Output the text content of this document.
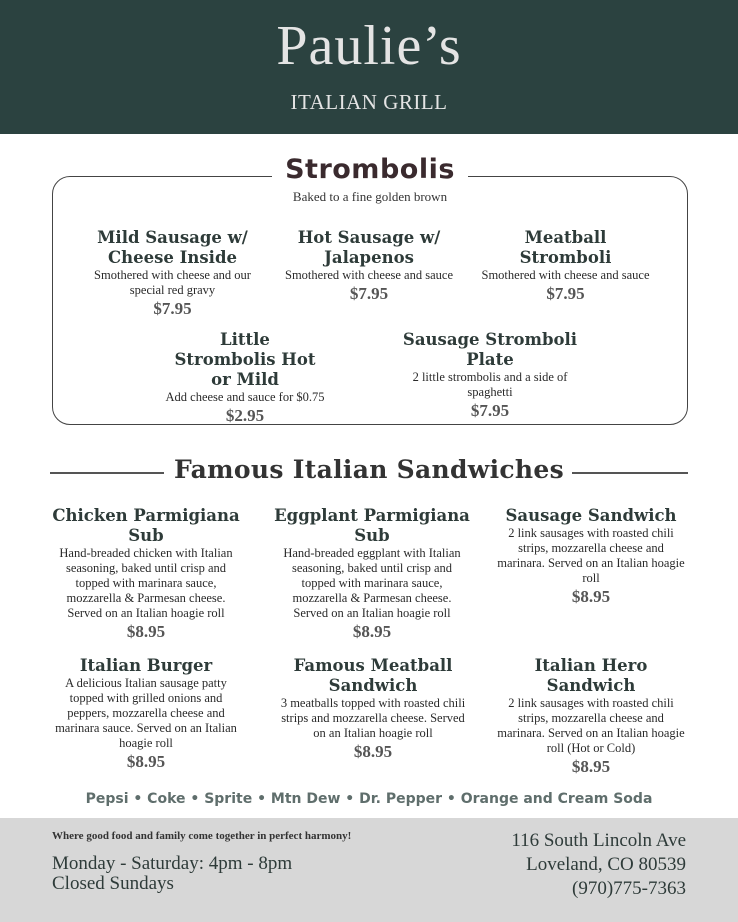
Paulie’s
ITALIAN GRILL
Strombolis
Baked to a fine golden brown
Mild Sausage w/ Cheese Inside
Smothered with cheese and our special red gravy
$7.95
Hot Sausage w/ Jalapenos
Smothered with cheese and sauce
$7.95
Meatball Stromboli
Smothered with cheese and sauce
$7.95
Little Strombolis Hot or Mild
Add cheese and sauce for $0.75
$2.95
Sausage Stromboli Plate
2 little strombolis and a side of spaghetti
$7.95
Famous Italian Sandwiches
Chicken Parmigiana Sub
Hand-breaded chicken with Italian seasoning, baked until crisp and topped with marinara sauce, mozzarella & Parmesan cheese. Served on an Italian hoagie roll
$8.95
Eggplant Parmigiana Sub
Hand-breaded eggplant with Italian seasoning, baked until crisp and topped with marinara sauce, mozzarella & Parmesan cheese. Served on an Italian hoagie roll
$8.95
Sausage Sandwich
2 link sausages with roasted chili strips, mozzarella cheese and marinara. Served on an Italian hoagie roll
$8.95
Italian Burger
A delicious Italian sausage patty topped with grilled onions and peppers, mozzarella cheese and marinara sauce. Served on an Italian hoagie roll
$8.95
Famous Meatball Sandwich
3 meatballs topped with roasted chili strips and mozzarella cheese. Served on an Italian hoagie roll
$8.95
Italian Hero Sandwich
2 link sausages with roasted chili strips, mozzarella cheese and marinara. Served on an Italian hoagie roll (Hot or Cold)
$8.95
Pepsi • Coke • Sprite • Mtn Dew • Dr. Pepper • Orange and Cream Soda
Where good food and family come together in perfect harmony!
Monday - Saturday: 4pm - 8pm
Closed Sundays
116 South Lincoln Ave
Loveland, CO 80539
(970)775-7363
